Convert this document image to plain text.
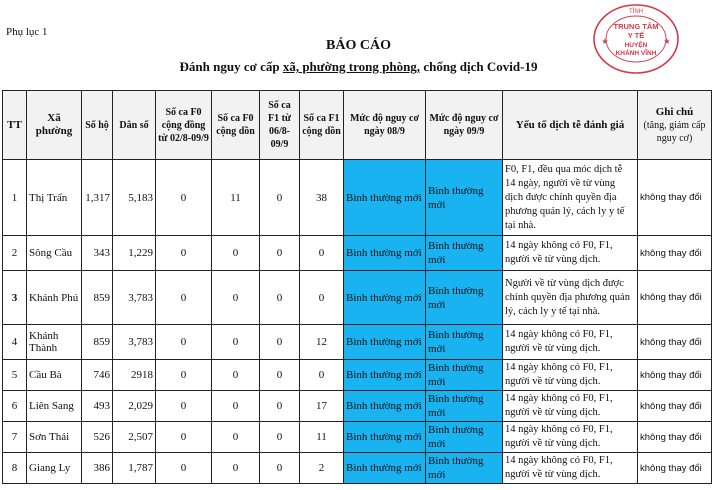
Phụ lục 1
TỈNH
TRUNG TÂM
Y TẾ
HUYỆN
KHÁNH VĨNH
★	★
BÁO CÁO
Đánh nguy cơ cấp xã, phường trong phòng, chống dịch Covid-19
TT	Xã phường	Số hộ	Dân số	Số ca F0 cộng đồng từ 02/8-09/9	Số ca F0 cộng dồn	Số ca F1 từ 06/8-09/9	Số ca F1 cộng dồn	Mức độ nguy cơ ngày 08/9	Mức độ nguy cơ ngày 09/9	Yếu tố dịch tễ đánh giá	Ghi chú
(tăng, giảm cấp nguy cơ)

1	Thị Trấn	1,317	5,183	0	11	0	38	Bình thường mới	Bình thường mới	F0, F1, đều qua móc dịch tễ 14 ngày, người về từ vùng dịch được chính quyền địa phương quản lý, cách ly y tế tại nhà.	không thay đổi
2	Sông Cầu	343	1,229	0	0	0	0	Bình thường mới	Bình thường mới	14 ngày không có F0, F1, người về từ vùng dịch.	không thay đổi
3	Khánh Phú	859	3,783	0	0	0	0	Bình thường mới	Bình thường mới	Người về từ vùng dịch được chính quyền địa phương quản lý, cách ly y tế tại nhà.	không thay đổi
4	Khánh Thành	859	3,783	0	0	0	12	Bình thường mới	Bình thường mới	14 ngày không có F0, F1, người về từ vùng dịch.	không thay đổi
5	Cầu Bà	746	2918	0	0	0	0	Bình thường mới	Bình thường mới	14 ngày không có F0, F1, người về từ vùng dịch.	không thay đổi
6	Liên Sang	493	2,029	0	0	0	17	Bình thường mới	Bình thường mới	14 ngày không có F0, F1, người về từ vùng dịch.	không thay đổi
7	Sơn Thái	526	2,507	0	0	0	11	Bình thường mới	Bình thường mới	14 ngày không có F0, F1, người về từ vùng dịch.	không thay đổi
8	Giang Ly	386	1,787	0	0	0	2	Bình thường mới	Bình thường mới	14 ngày không có F0, F1, người về từ vùng dịch.	không thay đổi
